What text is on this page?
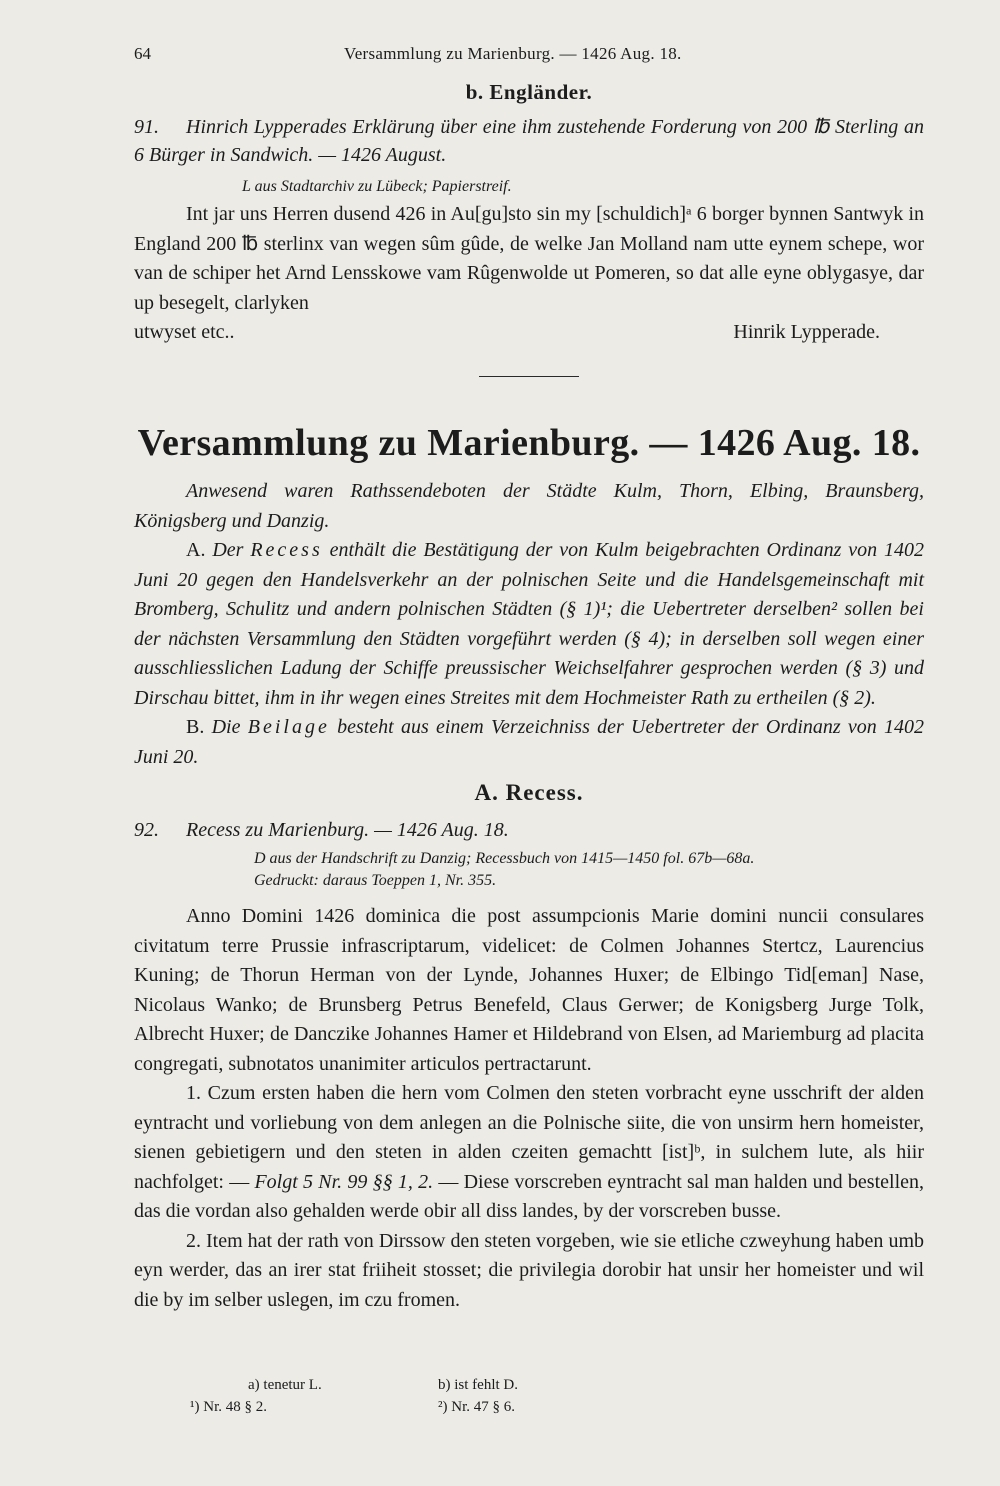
64	Versammlung zu Marienburg. — 1426 Aug. 18.

b. Engländer.

91. Hinrich Lypperades Erklärung über eine ihm zustehende Forderung von 200 ℔ Sterling an 6 Bürger in Sandwich. — 1426 August.

L aus Stadtarchiv zu Lübeck; Papierstreif.

Int jar uns Herren dusend 426 in Au[gu]sto sin my [schuldich]ᵃ 6 borger bynnen Santwyk in England 200 ℔ sterlinx van wegen sûm gûde, de welke Jan Molland nam utte eynem schepe, wor van de schiper het Arnd Lensskowe vam Rûgenwolde ut Pomeren, so dat alle eyne oblygasye, dar up besegelt, clarlyken

utwyset etc..	Hinrik Lypperade.
Versammlung zu Marienburg. — 1426 Aug. 18.

Anwesend waren Rathssendeboten der Städte Kulm, Thorn, Elbing, Braunsberg, Königsberg und Danzig.

A. Der Recess enthält die Bestätigung der von Kulm beigebrachten Ordinanz von 1402 Juni 20 gegen den Handelsverkehr an der polnischen Seite und die Handelsgemeinschaft mit Bromberg, Schulitz und andern polnischen Städten (§ 1)¹; die Uebertreter derselben² sollen bei der nächsten Versammlung den Städten vorgeführt werden (§ 4); in derselben soll wegen einer ausschliesslichen Ladung der Schiffe preussischer Weichselfahrer gesprochen werden (§ 3) und Dirschau bittet, ihm in ihr wegen eines Streites mit dem Hochmeister Rath zu ertheilen (§ 2).

B. Die Beilage besteht aus einem Verzeichniss der Uebertreter der Ordinanz von 1402 Juni 20.

A. Recess.

92. Recess zu Marienburg. — 1426 Aug. 18.

D aus der Handschrift zu Danzig; Recessbuch von 1415—1450 fol. 67b—68a.
Gedruckt: daraus Toeppen 1, Nr. 355.

Anno Domini 1426 dominica die post assumpcionis Marie domini nuncii consulares civitatum terre Prussie infrascriptarum, videlicet: de Colmen Johannes Stertcz, Laurencius Kuning; de Thorun Herman von der Lynde, Johannes Huxer; de Elbingo Tid[eman] Nase, Nicolaus Wanko; de Brunsberg Petrus Benefeld, Claus Gerwer; de Konigsberg Jurge Tolk, Albrecht Huxer; de Danczike Johannes Hamer et Hildebrand von Elsen, ad Mariemburg ad placita congregati, subnotatos unanimiter articulos pertractarunt.

1. Czum ersten haben die hern vom Colmen den steten vorbracht eyne usschrift der alden eyntracht und vorliebung von dem anlegen an die Polnische siite, die von unsirm hern homeister, sienen gebietigern und den steten in alden czeiten gemachtt [ist]ᵇ, in sulchem lute, als hiir nachfolget: — Folgt 5 Nr. 99 §§ 1, 2. — Diese vorscreben eyntracht sal man halden und bestellen, das die vordan also gehalden werde obir all diss landes, by der vorscreben busse.

2. Item hat der rath von Dirssow den steten vorgeben, wie sie etliche czweyhung haben umb eyn werder, das an irer stat friiheit stosset; die privilegia dorobir hat unsir her homeister und wil die by im selber uslegen, im czu fromen.

a) tenetur L.	b) ist fehlt D.
¹) Nr. 48 § 2.	²) Nr. 47 § 6.
